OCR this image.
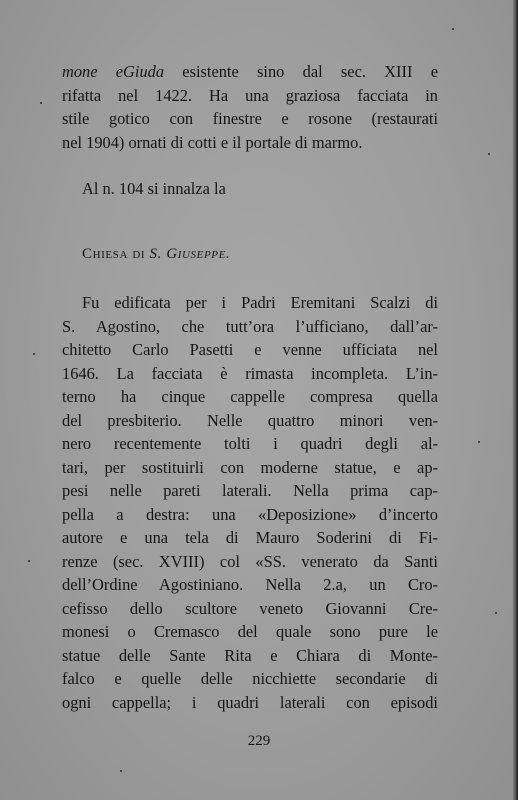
mone eGiuda esistente sino dal sec. XIII e
rifatta nel 1422. Ha una graziosa facciata in
stile gotico con finestre e rosone (restaurati
nel 1904) ornati di cotti e il portale di marmo.
Al n. 104 si innalza la
Chiesa di S. Giuseppe.
Fu edificata per i Padri Eremitani Scalzi di
S. Agostino, che tutt’ora l’ufficiano, dall’ar-
chitetto Carlo Pasetti e venne ufficiata nel
1646. La facciata è rimasta incompleta. L’in-
terno ha cinque cappelle compresa quella
del presbiterio. Nelle quattro minori ven-
nero recentemente tolti i quadri degli al-
tari, per sostituirli con moderne statue, e ap-
pesi nelle pareti laterali. Nella prima cap-
pella a destra: una «Deposizione» d’incerto
autore e una tela di Mauro Soderini di Fi-
renze (sec. XVIII) col «SS. venerato da Santi
dell’Ordine Agostiniano. Nella 2.a, un Cro-
cefisso dello scultore veneto Giovanni Cre-
monesi o Cremasco del quale sono pure le
statue delle Sante Rita e Chiara di Monte-
falco e quelle delle nicchiette secondarie di
ogni cappella; i quadri laterali con episodi
229
